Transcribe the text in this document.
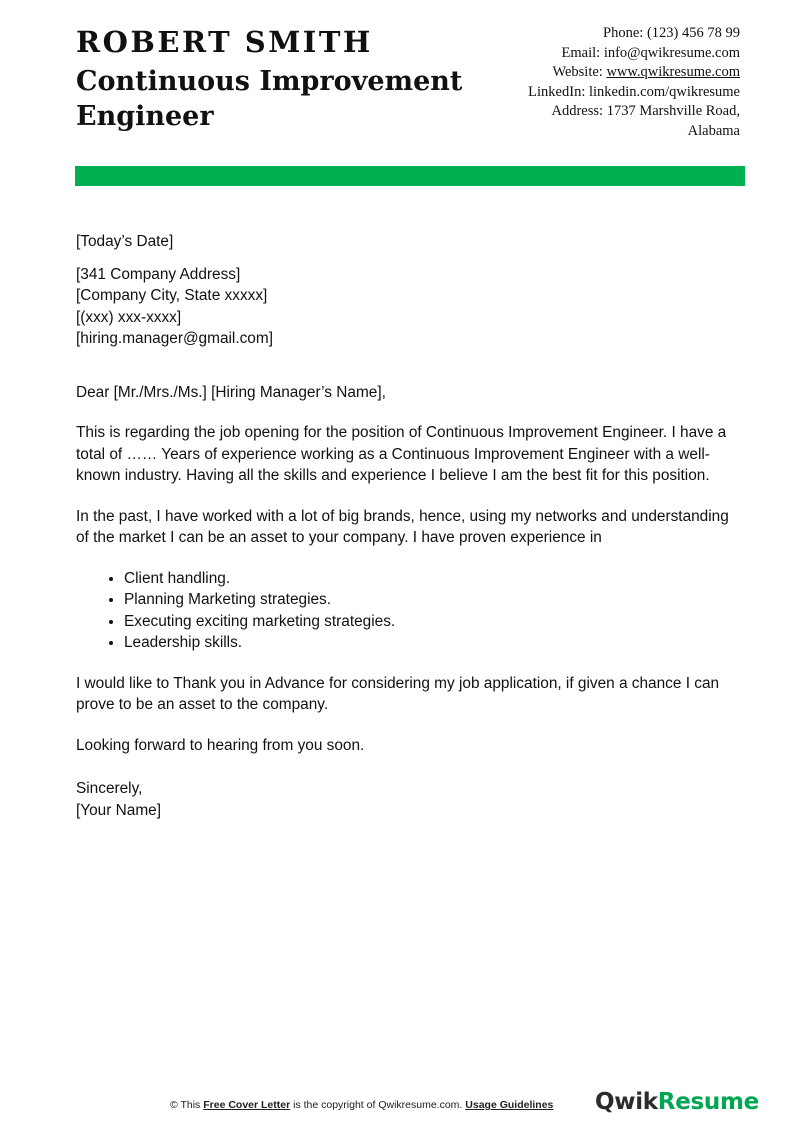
ROBERT SMITH
Continuous Improvement Engineer
Phone: (123) 456 78 99
Email: info@qwikresume.com
Website: www.qwikresume.com
LinkedIn: linkedin.com/qwikresume
Address: 1737 Marshville Road,
Alabama

[Today’s Date]

[341 Company Address]

[Company City, State xxxxx]

[(xxx) xxx-xxxx]

[hiring.manager@gmail.com]

Dear [Mr./Mrs./Ms.] [Hiring Manager’s Name],

This is regarding the job opening for the position of Continuous Improvement Engineer. I have a total of …… Years of experience working as a Continuous Improvement Engineer with a well-known industry. Having all the skills and experience I believe I am the best fit for this position.

In the past, I have worked with a lot of big brands, hence, using my networks and understanding of the market I can be an asset to your company. I have proven experience in

• Client handling.
• Planning Marketing strategies.
• Executing exciting marketing strategies.
• Leadership skills.

I would like to Thank you in Advance for considering my job application, if given a chance I can prove to be an asset to the company.

Looking forward to hearing from you soon.

Sincerely,

[Your Name]

© This Free Cover Letter is the copyright of Qwikresume.com. Usage Guidelines QwikResume
